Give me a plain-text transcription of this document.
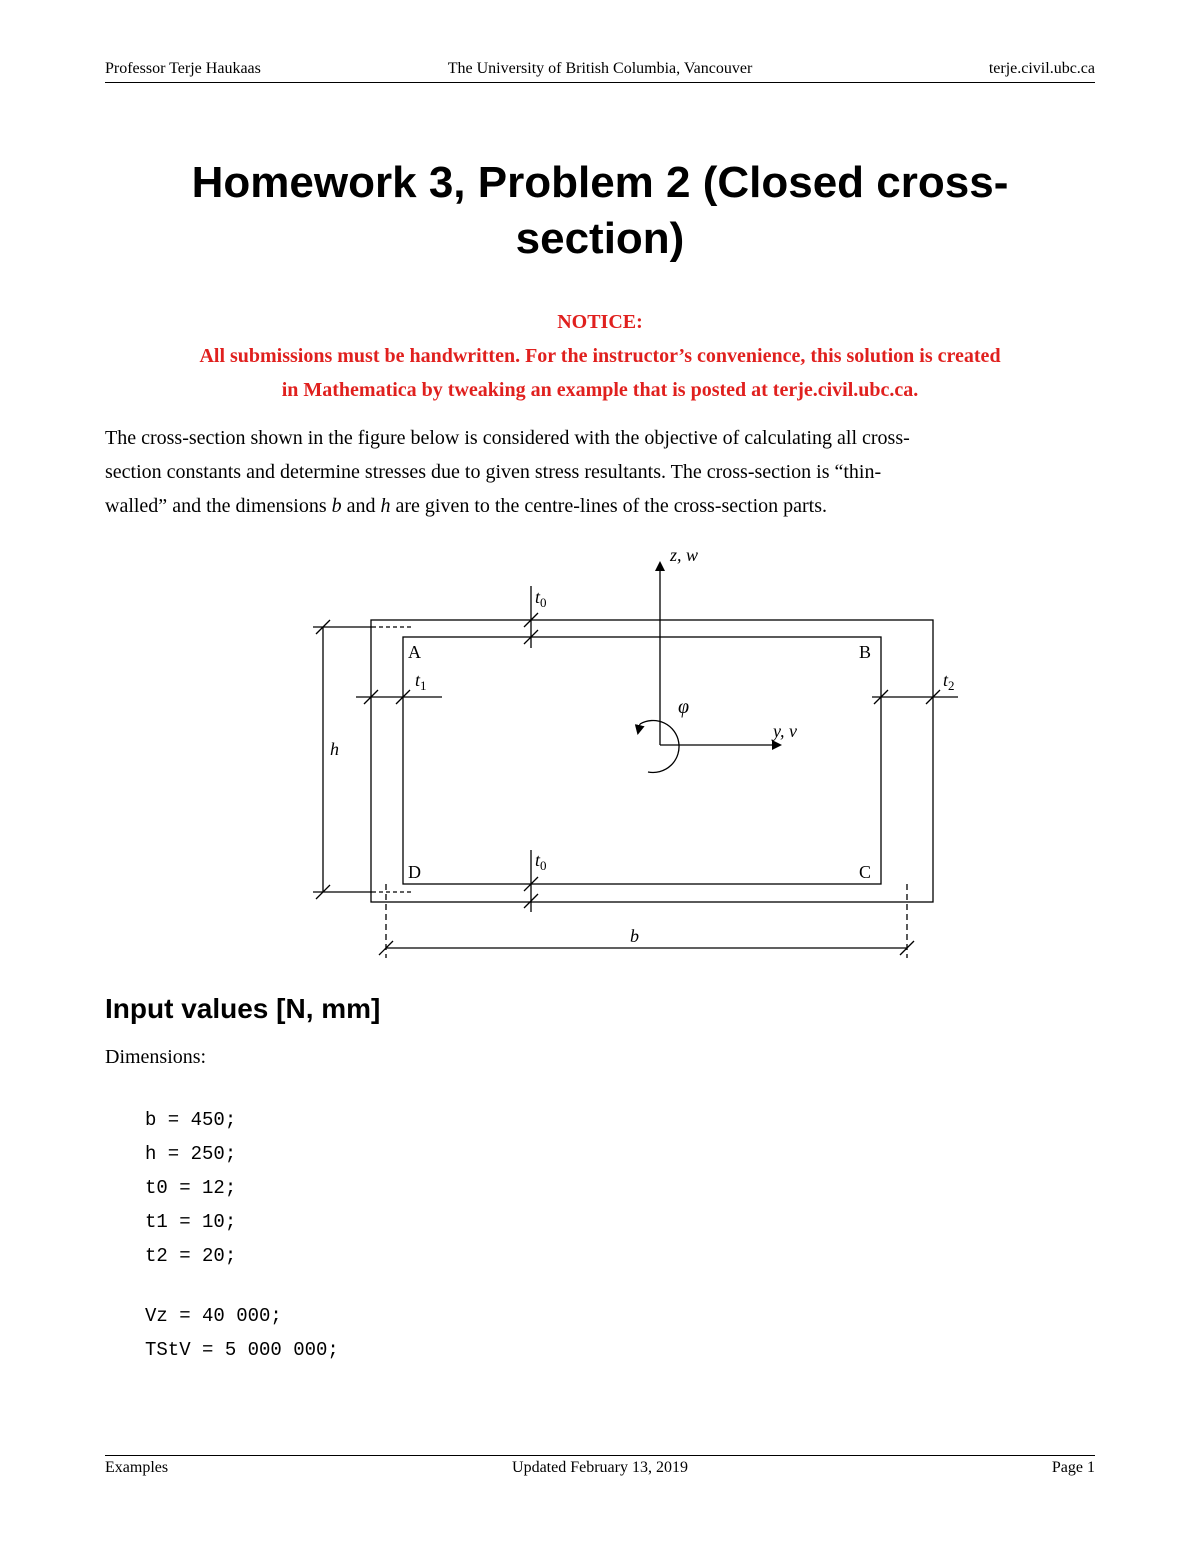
Professor Terje Haukaas	The University of British Columbia, Vancouver	terje.civil.ubc.ca
Homework 3, Problem 2 (Closed cross-
section)
NOTICE:
All submissions must be handwritten. For the instructor’s convenience, this solution is created
in Mathematica by tweaking an example that is posted at terje.civil.ubc.ca.
The cross-section shown in the figure below is considered with the objective of calculating all cross-
section constants and determine stresses due to given stress resultants. The cross-section is “thin-
walled” and the dimensions b and h are given to the centre-lines of the cross-section parts.
A	B
C
D
z, w
y, v
φ
h
b
$t_0$
$t_0$
$t_1$	$t_2$
Input values [N, mm]
Dimensions:
b = 450;
h = 250;
t0 = 12;
t1 = 10;
t2 = 20;
Vz = 40 000;
TStV = 5 000 000;
Examples	Updated February 13, 2019	Page 1
